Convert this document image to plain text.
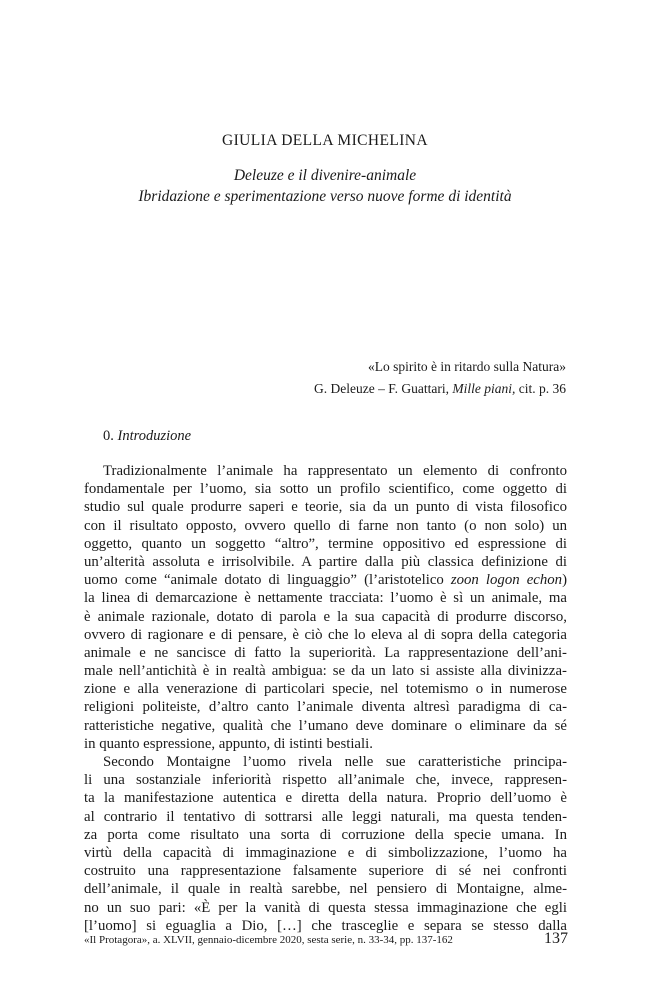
GIULIA DELLA MICHELINA
Deleuze e il divenire-animale
Ibridazione e sperimentazione verso nuove forme di identità
«Lo spirito è in ritardo sulla Natura»
G. Deleuze – F. Guattari, Mille piani, cit. p. 36
0. Introduzione

Tradizionalmente l’animale ha rappresentato un elemento di confronto
fondamentale per l’uomo, sia sotto un profilo scientifico, come oggetto di
studio sul quale produrre saperi e teorie, sia da un punto di vista filosofico
con il risultato opposto, ovvero quello di farne non tanto (o non solo) un
oggetto, quanto un soggetto “altro”, termine oppositivo ed espressione di
un’alterità assoluta e irrisolvibile. A partire dalla più classica definizione di
uomo come “animale dotato di linguaggio” (l’aristotelico zoon logon echon)
la linea di demarcazione è nettamente tracciata: l’uomo è sì un animale, ma
è animale razionale, dotato di parola e la sua capacità di produrre discorso,
ovvero di ragionare e di pensare, è ciò che lo eleva al di sopra della categoria
animale e ne sancisce di fatto la superiorità. La rappresentazione dell’ani-
male nell’antichità è in realtà ambigua: se da un lato si assiste alla divinizza-
zione e alla venerazione di particolari specie, nel totemismo o in numerose
religioni politeiste, d’altro canto l’animale diventa altresì paradigma di ca-
ratteristiche negative, qualità che l’umano deve dominare o eliminare da sé
in quanto espressione, appunto, di istinti bestiali.

Secondo Montaigne l’uomo rivela nelle sue caratteristiche principa-
li una sostanziale inferiorità rispetto all’animale che, invece, rappresen-
ta la manifestazione autentica e diretta della natura. Proprio dell’uomo è
al contrario il tentativo di sottrarsi alle leggi naturali, ma questa tenden-
za porta come risultato una sorta di corruzione della specie umana. In
virtù della capacità di immaginazione e di simbolizzazione, l’uomo ha
costruito una rappresentazione falsamente superiore di sé nei confronti
dell’animale, il quale in realtà sarebbe, nel pensiero di Montaigne, alme-
no un suo pari: «È per la vanità di questa stessa immaginazione che egli
[l’uomo] si eguaglia a Dio, […] che trasceglie e separa se stesso dalla

«Il Protagora», a. XLVII, gennaio-dicembre 2020, sesta serie, n. 33-34, pp. 137-162	137
